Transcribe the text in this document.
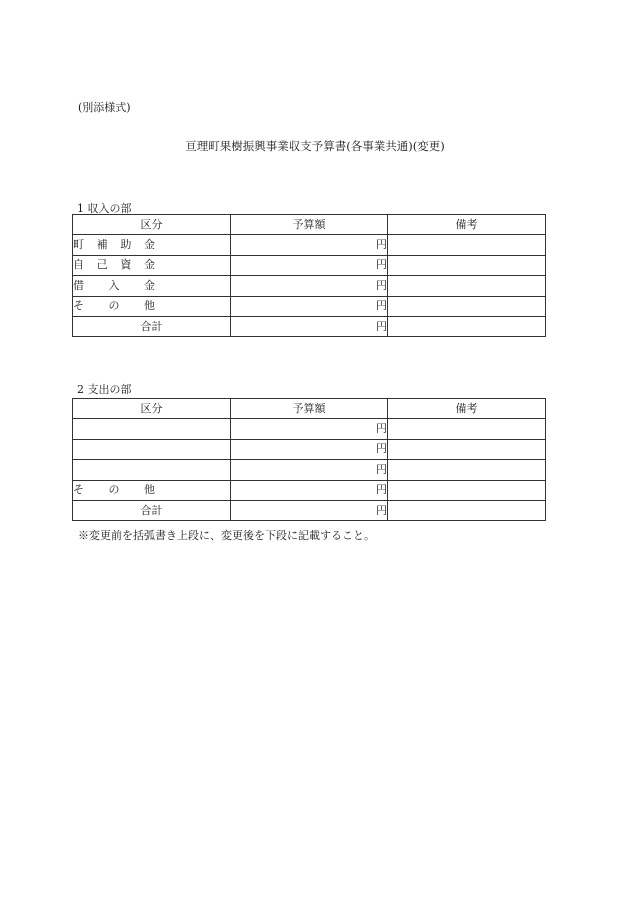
(別添様式)
亘理町果樹振興事業収支予算書(各事業共通)(変更)
1 収入の部
区分	予算額	備考
町補助金	円	
自己資金	円	
借入金	円	
その他	円	
合計	円	
2 支出の部
区分	予算額	備考
	円	
	円	
	円	
その他	円	
合計	円	
※変更前を括弧書き上段に、変更後を下段に記載すること。
